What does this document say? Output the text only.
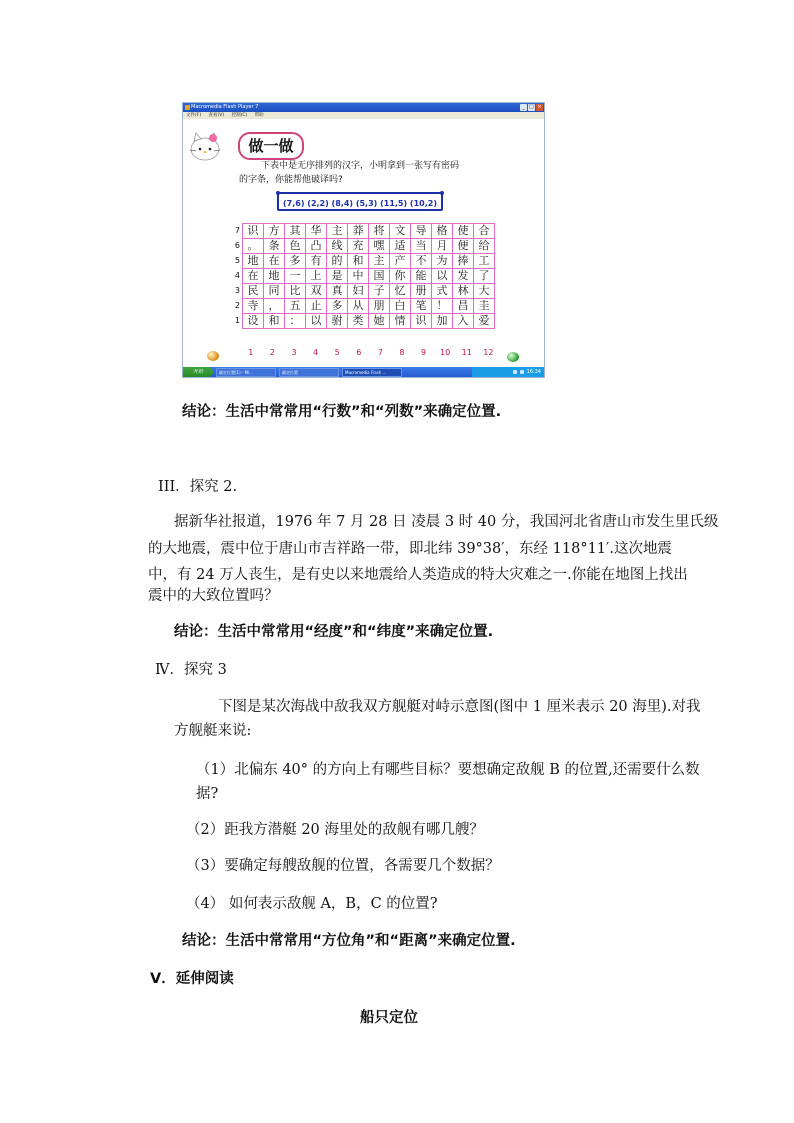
Macromedia Flash Player 7	_ □ ×
文件(F) 查看(V) 控制(C) 帮助
做一做
下表中是无序排列的汉字，小明拿到一张写有密码
的字条，你能帮他破译吗?
(7,6) (2,2) (8,4) (5,3) (11,5) (10,2)
7	识	方	其	华	主	莽	将	文	导	格	使	合
6	。	条	色	凸	线	充	嘿	适	当	月	便	给
5	地	在	多	有	的	和	主	产	不	为	捧	工
4	在	地	一	上	是	中	国	你	能	以	发	了
3	民	同	比	双	真	妇	子	忆	册	式	林	大
2	寺	，	五	止	多	从	朋	白	笔	！	昌	圭
1	设	和	：	以	驸	类	她	情	识	加	入	爱
1	2	3	4	5	6	7	8	9	10	11	12
开始	确定位置(1) - Mi...	确定位置	Macromedia Flash ...	16:34
结论：生活中常常用“行数”和“列数”来确定位置.
III．探究 2.
据新华社报道，1976 年 7 月 28 日 凌晨 3 时 40 分，我国河北省唐山市发生里氏级
的大地震，震中位于唐山市吉祥路一带，即北纬 39°38′，东经 118°11′.这次地震
中，有 24 万人丧生，是有史以来地震给人类造成的特大灾难之一.你能在地图上找出
震中的大致位置吗？
结论：生活中常常用“经度”和“纬度”来确定位置.
Ⅳ．探究 3
下图是某次海战中敌我双方舰艇对峙示意图(图中 1 厘米表示 20 海里).对我
方舰艇来说:
（1）北偏东 40° 的方向上有哪些目标？要想确定敌舰 B 的位置,还需要什么数
据?
（2）距我方潜艇 20 海里处的敌舰有哪几艘？
（3）要确定每艘敌舰的位置，各需要几个数据？
（4） 如何表示敌舰 A，B，C 的位置?
结论：生活中常常用“方位角”和“距离”来确定位置.
V．延伸阅读
船只定位
